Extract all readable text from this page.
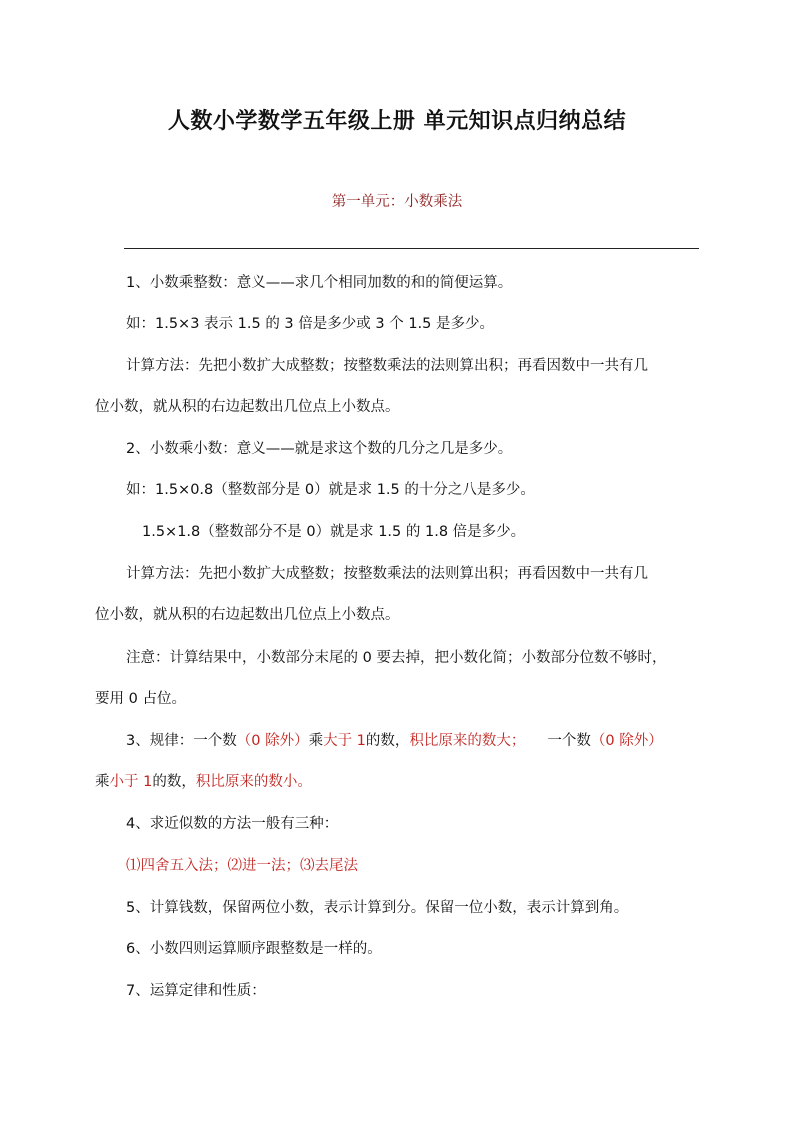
人数小学数学五年级上册 单元知识点归纳总结
第一单元：小数乘法
1、小数乘整数：意义——求几个相同加数的和的简便运算。
如：1.5×3 表示 1.5 的 3 倍是多少或 3 个 1.5 是多少。
计算方法：先把小数扩大成整数；按整数乘法的法则算出积；再看因数中一共有几
位小数，就从积的右边起数出几位点上小数点。
2、小数乘小数：意义——就是求这个数的几分之几是多少。
如：1.5×0.8（整数部分是 0）就是求 1.5 的十分之八是多少。
1.5×1.8（整数部分不是 0）就是求 1.5 的 1.8 倍是多少。
计算方法：先把小数扩大成整数；按整数乘法的法则算出积；再看因数中一共有几
位小数，就从积的右边起数出几位点上小数点。
注意：计算结果中，小数部分末尾的 0 要去掉，把小数化简；小数部分位数不够时，
要用 0 占位。
3、规律：一个数（0 除外）乘大于 1的数，积比原来的数大； 一个数（0 除外）
乘小于 1的数，积比原来的数小。
4、求近似数的方法一般有三种：
⑴四舍五入法；⑵进一法；⑶去尾法
5、计算钱数，保留两位小数，表示计算到分。保留一位小数，表示计算到角。
6、小数四则运算顺序跟整数是一样的。
7、运算定律和性质：
